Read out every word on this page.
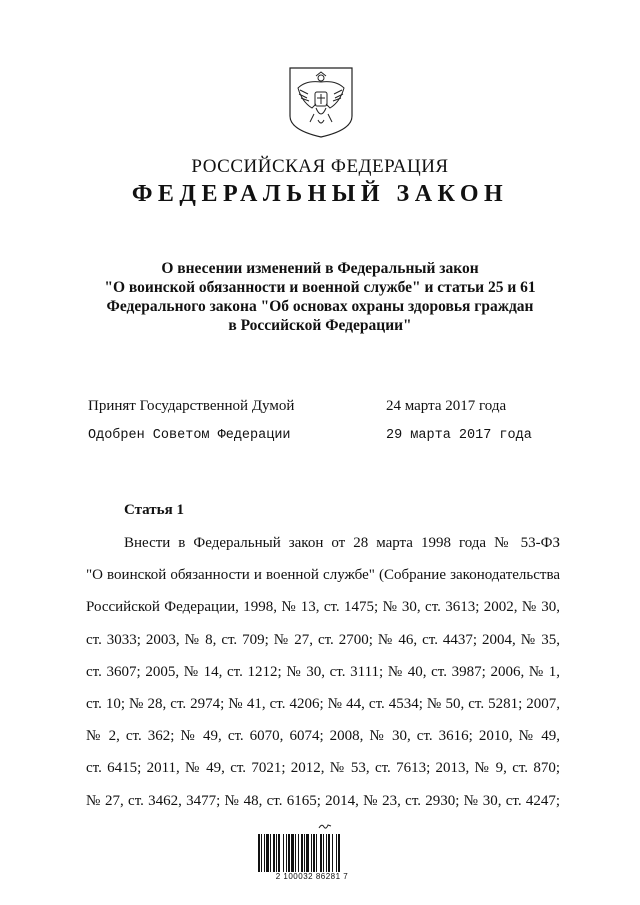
РОССИЙСКАЯ ФЕДЕРАЦИЯ
ФЕДЕРАЛЬНЫЙ ЗАКОН
О внесении изменений в Федеральный закон
"О воинской обязанности и военной службе" и статьи 25 и 61
Федерального закона "Об основах охраны здоровья граждан
в Российской Федерации"
Принят Государственной Думой	24 марта 2017 года
Одобрен Советом Федерации	29 марта 2017 года
Статья 1
Внести в Федеральный закон от 28 марта 1998 года № 53-ФЗ
"О воинской обязанности и военной службе" (Собрание законодательства
Российской Федерации, 1998, № 13, ст. 1475; № 30, ст. 3613; 2002, № 30,
ст. 3033; 2003, № 8, ст. 709; № 27, ст. 2700; № 46, ст. 4437; 2004, № 35,
ст. 3607; 2005, № 14, ст. 1212; № 30, ст. 3111; № 40, ст. 3987; 2006, № 1,
ст. 10; № 28, ст. 2974; № 41, ст. 4206; № 44, ст. 4534; № 50, ст. 5281; 2007,
№ 2, ст. 362; № 49, ст. 6070, 6074; 2008, № 30, ст. 3616; 2010, № 49,
ст. 6415; 2011, № 49, ст. 7021; 2012, № 53, ст. 7613; 2013, № 9, ст. 870;
№ 27, ст. 3462, 3477; № 48, ст. 6165; 2014, № 23, ст. 2930; № 30, ст. 4247;
2 100032 86281 7
